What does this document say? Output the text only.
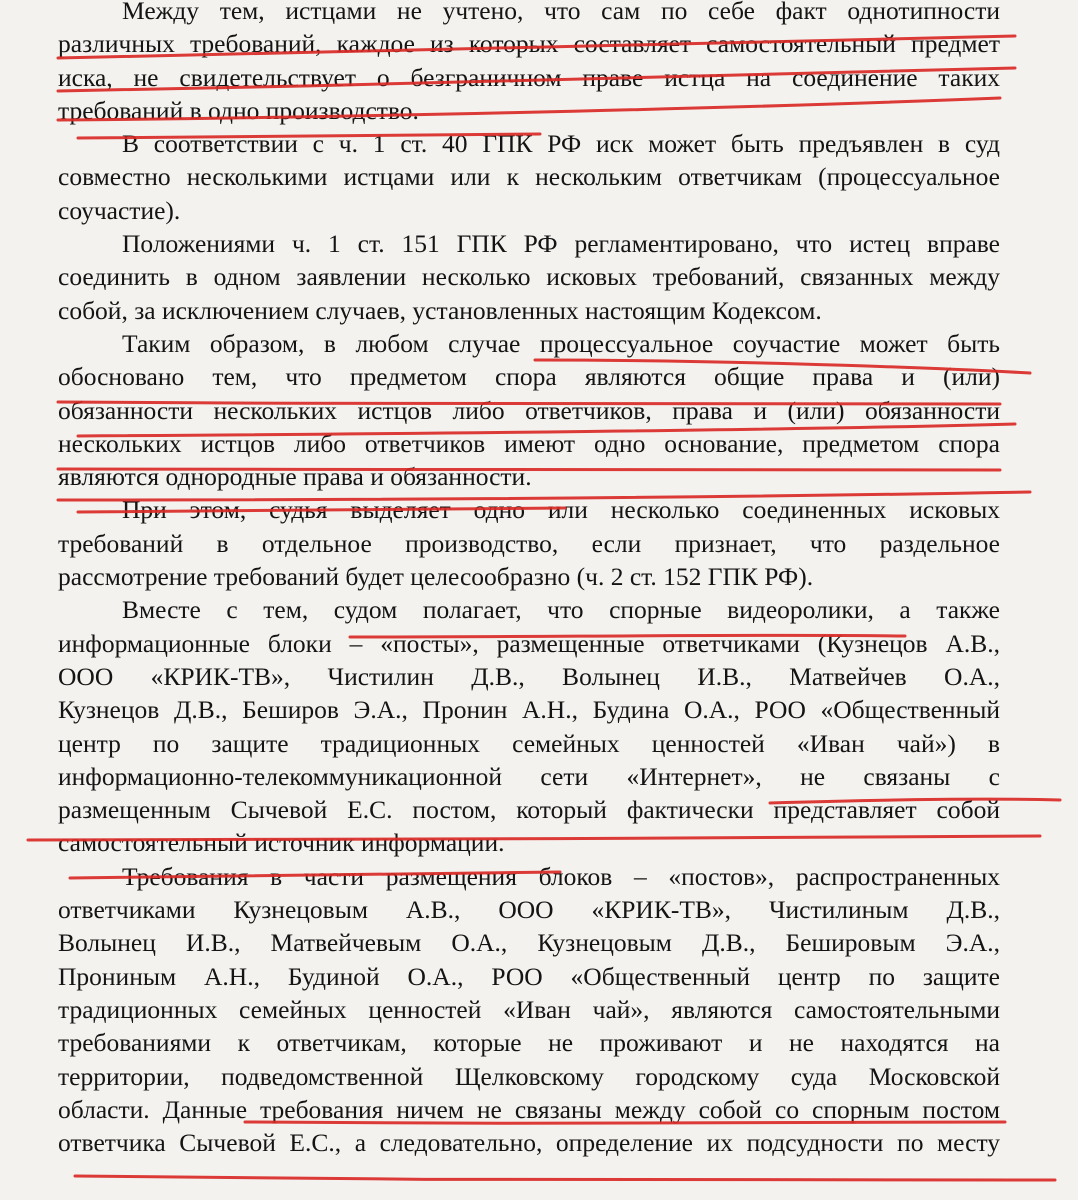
Между тем, истцами не учтено, что сам по себе факт однотипности
различных требований, каждое из которых составляет самостоятельный предмет
иска, не свидетельствует о безграничном праве истца на соединение таких
требований в одно производство.
В соответствии с ч. 1 ст. 40 ГПК РФ иск может быть предъявлен в суд
совместно несколькими истцами или к нескольким ответчикам (процессуальное
соучастие).
Положениями ч. 1 ст. 151 ГПК РФ регламентировано, что истец вправе
соединить в одном заявлении несколько исковых требований, связанных между
собой, за исключением случаев, установленных настоящим Кодексом.
Таким образом, в любом случае процессуальное соучастие может быть
обосновано тем, что предметом спора являются общие права и (или)
обязанности нескольких истцов либо ответчиков, права и (или) обязанности
нескольких истцов либо ответчиков имеют одно основание, предметом спора
являются однородные права и обязанности.
При этом, судья выделяет одно или несколько соединенных исковых
требований в отдельное производство, если признает, что раздельное
рассмотрение требований будет целесообразно (ч. 2 ст. 152 ГПК РФ).
Вместе с тем, судом полагает, что спорные видеоролики, а также
информационные блоки – «посты», размещенные ответчиками (Кузнецов А.В.,
ООО «КРИК-ТВ», Чистилин Д.В., Волынец И.В., Матвейчев О.А.,
Кузнецов Д.В., Беширов Э.А., Пронин А.Н., Будина О.А., РОО «Общественный
центр по защите традиционных семейных ценностей «Иван чай») в
информационно-телекоммуникационной сети «Интернет», не связаны с
размещенным Сычевой Е.С. постом, который фактически представляет собой
самостоятельный источник информации.
Требования в части размещения блоков – «постов», распространенных
ответчиками Кузнецовым А.В., ООО «КРИК-ТВ», Чистилиным Д.В.,
Волынец И.В., Матвейчевым О.А., Кузнецовым Д.В., Бешировым Э.А.,
Прониным А.Н., Будиной О.А., РОО «Общественный центр по защите
традиционных семейных ценностей «Иван чай», являются самостоятельными
требованиями к ответчикам, которые не проживают и не находятся на
территории, подведомственной Щелковскому городскому суда Московской
области. Данные требования ничем не связаны между собой со спорным постом
ответчика Сычевой Е.С., а следовательно, определение их подсудности по месту
